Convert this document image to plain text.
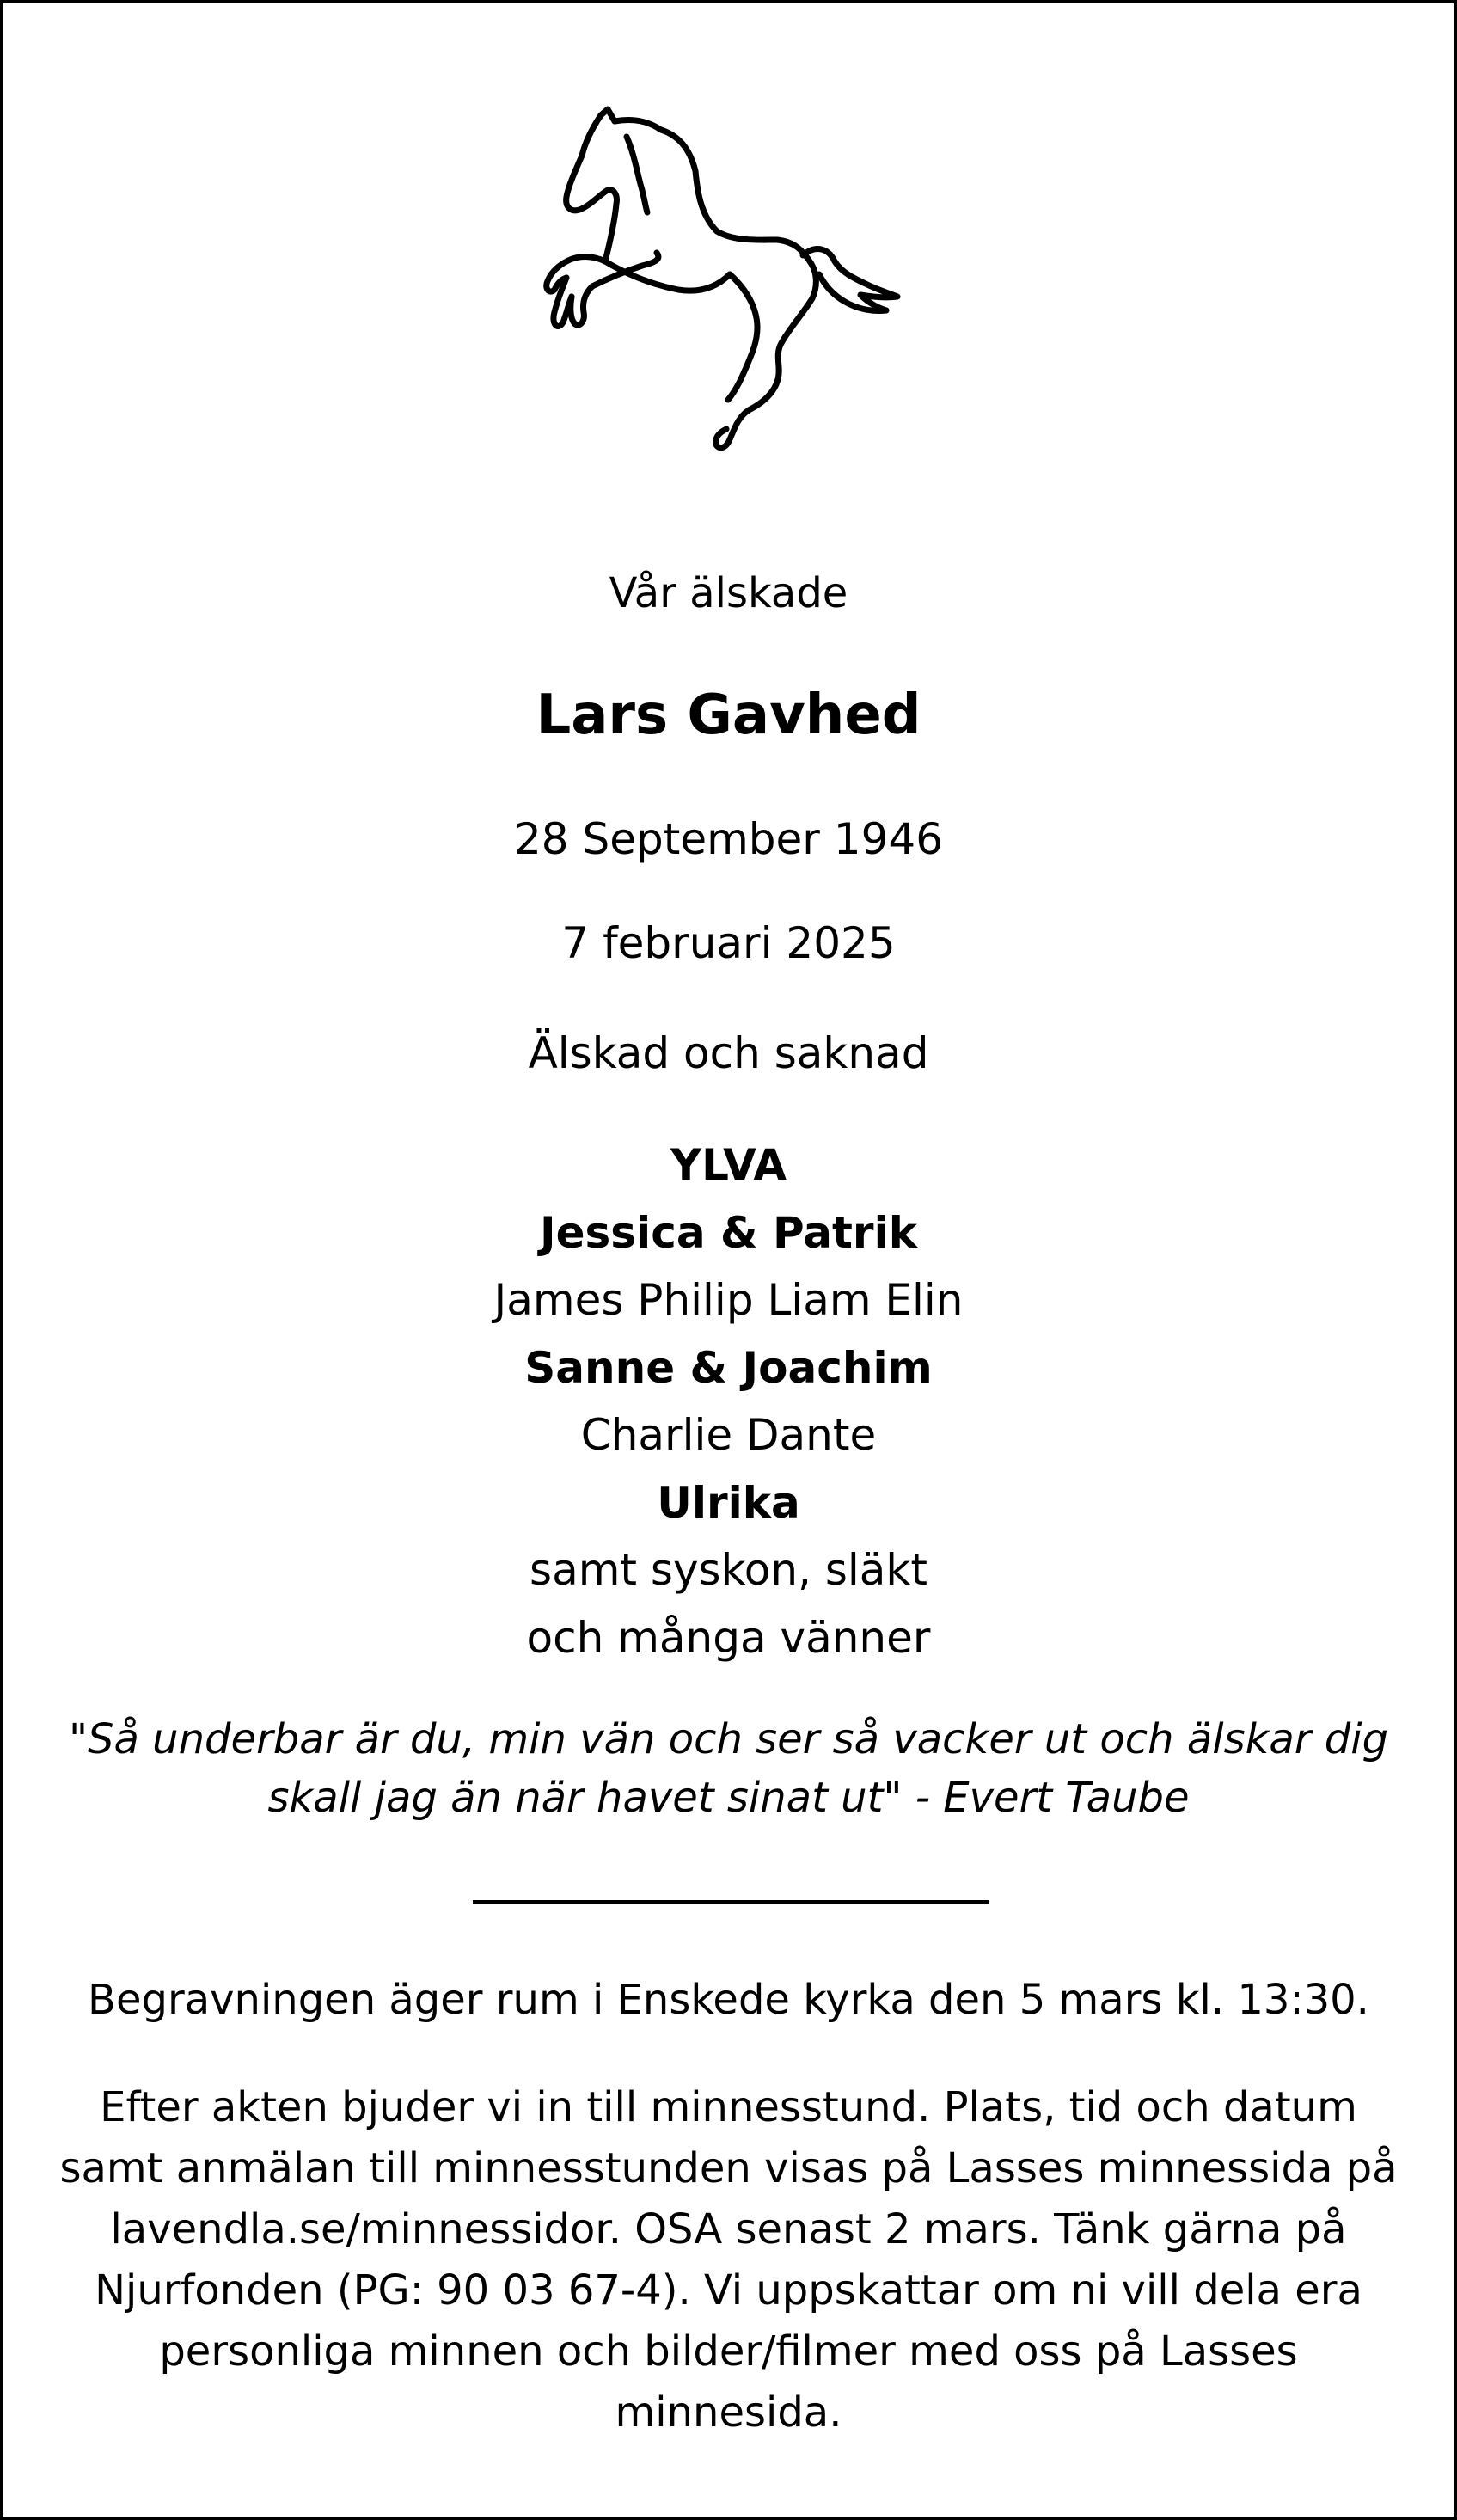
Vår älskade
Lars Gavhed
28 September 1946
7 februari 2025
Älskad och saknad
YLVA
Jessica & Patrik
James Philip Liam Elin
Sanne & Joachim
Charlie Dante
Ulrika
samt syskon, släkt
och många vänner
"Så underbar är du, min vän och ser så vacker ut och älskar dig skall jag än när havet sinat ut" - Evert Taube
Begravningen äger rum i Enskede kyrka den 5 mars kl. 13:30.
Efter akten bjuder vi in till minnesstund. Plats, tid och datum samt anmälan till minnesstunden visas på Lasses minnessida på lavendla.se/minnessidor. OSA senast 2 mars. Tänk gärna på Njurfonden (PG: 90 03 67-4). Vi uppskattar om ni vill dela era personliga minnen och bilder/filmer med oss på Lasses minnesida.
